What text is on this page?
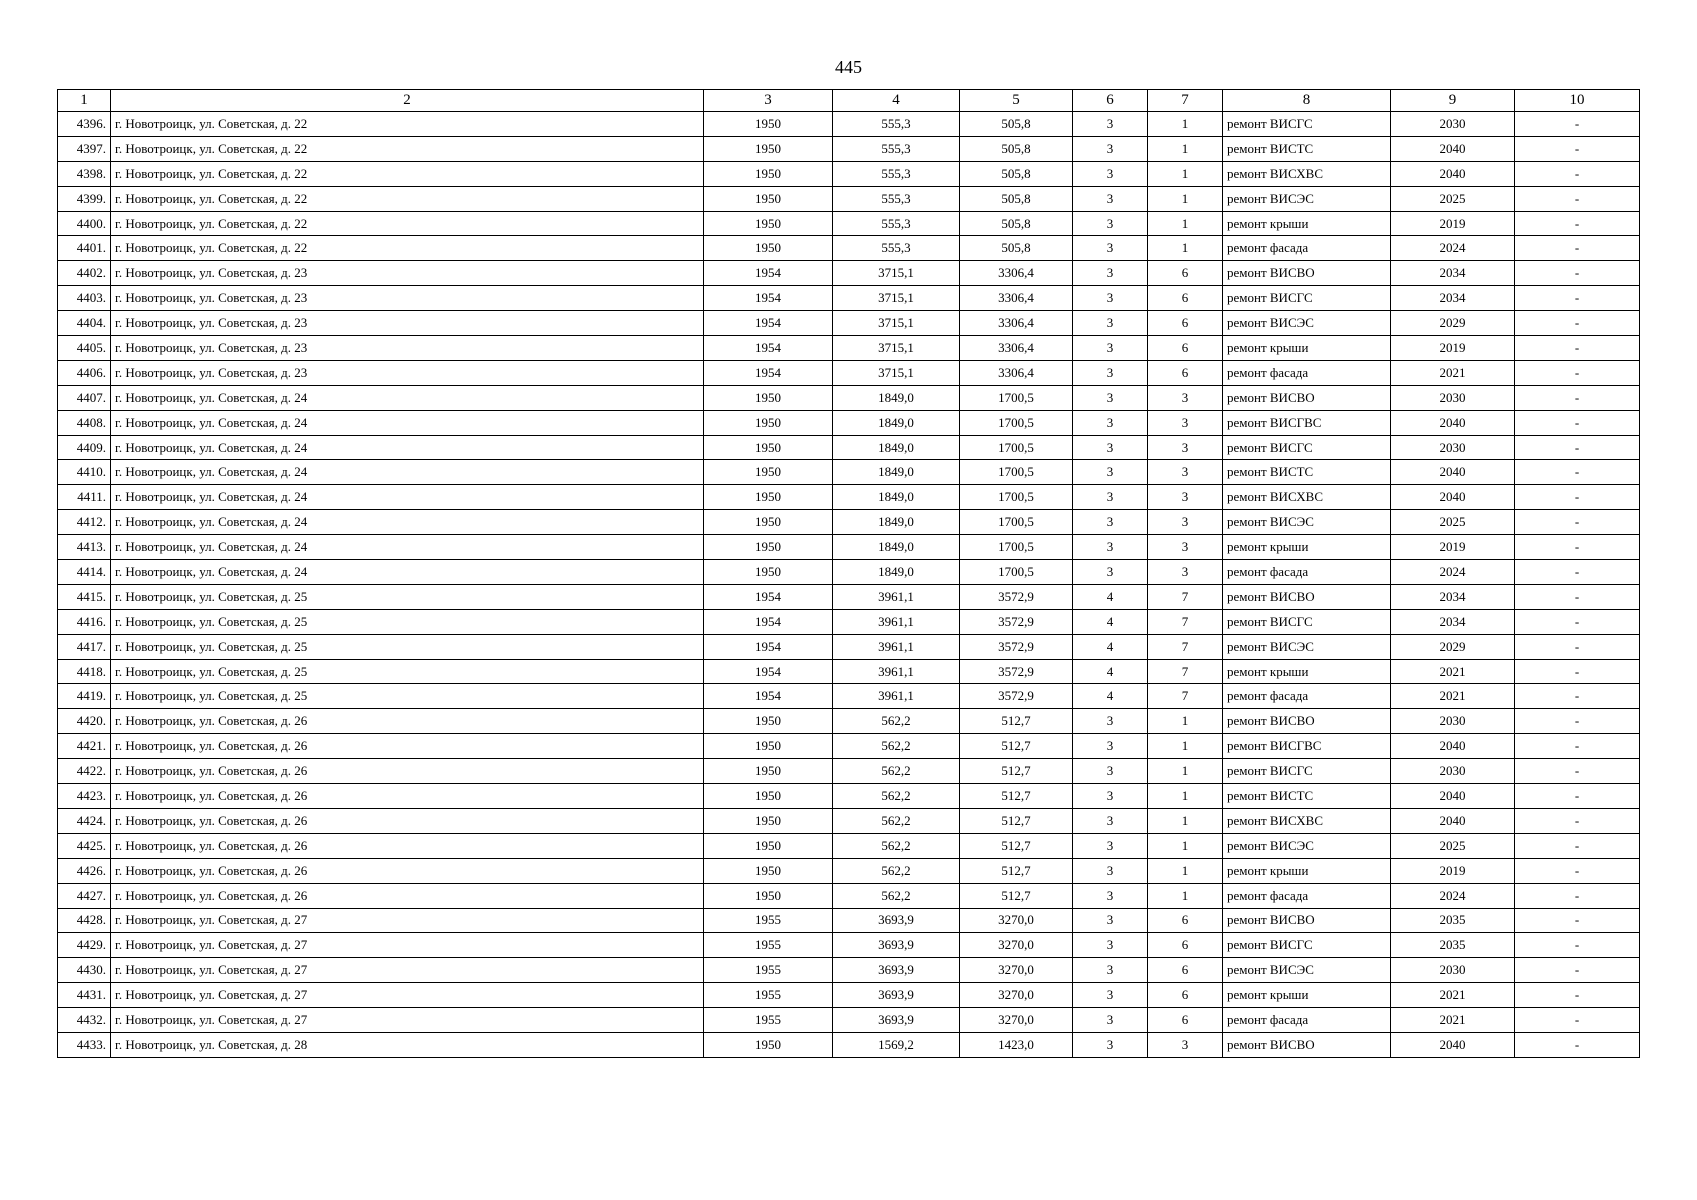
445
1	2	3	4	5	6	7	8	9	10
4396.	г. Новотроицк, ул. Советская, д. 22	1950	555,3	505,8	3	1	ремонт ВИСГС	2030	-
4397.	г. Новотроицк, ул. Советская, д. 22	1950	555,3	505,8	3	1	ремонт ВИСТС	2040	-
4398.	г. Новотроицк, ул. Советская, д. 22	1950	555,3	505,8	3	1	ремонт ВИСХВС	2040	-
4399.	г. Новотроицк, ул. Советская, д. 22	1950	555,3	505,8	3	1	ремонт ВИСЭС	2025	-
4400.	г. Новотроицк, ул. Советская, д. 22	1950	555,3	505,8	3	1	ремонт крыши	2019	-
4401.	г. Новотроицк, ул. Советская, д. 22	1950	555,3	505,8	3	1	ремонт фасада	2024	-
4402.	г. Новотроицк, ул. Советская, д. 23	1954	3715,1	3306,4	3	6	ремонт ВИСВО	2034	-
4403.	г. Новотроицк, ул. Советская, д. 23	1954	3715,1	3306,4	3	6	ремонт ВИСГС	2034	-
4404.	г. Новотроицк, ул. Советская, д. 23	1954	3715,1	3306,4	3	6	ремонт ВИСЭС	2029	-
4405.	г. Новотроицк, ул. Советская, д. 23	1954	3715,1	3306,4	3	6	ремонт крыши	2019	-
4406.	г. Новотроицк, ул. Советская, д. 23	1954	3715,1	3306,4	3	6	ремонт фасада	2021	-
4407.	г. Новотроицк, ул. Советская, д. 24	1950	1849,0	1700,5	3	3	ремонт ВИСВО	2030	-
4408.	г. Новотроицк, ул. Советская, д. 24	1950	1849,0	1700,5	3	3	ремонт ВИСГВС	2040	-
4409.	г. Новотроицк, ул. Советская, д. 24	1950	1849,0	1700,5	3	3	ремонт ВИСГС	2030	-
4410.	г. Новотроицк, ул. Советская, д. 24	1950	1849,0	1700,5	3	3	ремонт ВИСТС	2040	-
4411.	г. Новотроицк, ул. Советская, д. 24	1950	1849,0	1700,5	3	3	ремонт ВИСХВС	2040	-
4412.	г. Новотроицк, ул. Советская, д. 24	1950	1849,0	1700,5	3	3	ремонт ВИСЭС	2025	-
4413.	г. Новотроицк, ул. Советская, д. 24	1950	1849,0	1700,5	3	3	ремонт крыши	2019	-
4414.	г. Новотроицк, ул. Советская, д. 24	1950	1849,0	1700,5	3	3	ремонт фасада	2024	-
4415.	г. Новотроицк, ул. Советская, д. 25	1954	3961,1	3572,9	4	7	ремонт ВИСВО	2034	-
4416.	г. Новотроицк, ул. Советская, д. 25	1954	3961,1	3572,9	4	7	ремонт ВИСГС	2034	-
4417.	г. Новотроицк, ул. Советская, д. 25	1954	3961,1	3572,9	4	7	ремонт ВИСЭС	2029	-
4418.	г. Новотроицк, ул. Советская, д. 25	1954	3961,1	3572,9	4	7	ремонт крыши	2021	-
4419.	г. Новотроицк, ул. Советская, д. 25	1954	3961,1	3572,9	4	7	ремонт фасада	2021	-
4420.	г. Новотроицк, ул. Советская, д. 26	1950	562,2	512,7	3	1	ремонт ВИСВО	2030	-
4421.	г. Новотроицк, ул. Советская, д. 26	1950	562,2	512,7	3	1	ремонт ВИСГВС	2040	-
4422.	г. Новотроицк, ул. Советская, д. 26	1950	562,2	512,7	3	1	ремонт ВИСГС	2030	-
4423.	г. Новотроицк, ул. Советская, д. 26	1950	562,2	512,7	3	1	ремонт ВИСТС	2040	-
4424.	г. Новотроицк, ул. Советская, д. 26	1950	562,2	512,7	3	1	ремонт ВИСХВС	2040	-
4425.	г. Новотроицк, ул. Советская, д. 26	1950	562,2	512,7	3	1	ремонт ВИСЭС	2025	-
4426.	г. Новотроицк, ул. Советская, д. 26	1950	562,2	512,7	3	1	ремонт крыши	2019	-
4427.	г. Новотроицк, ул. Советская, д. 26	1950	562,2	512,7	3	1	ремонт фасада	2024	-
4428.	г. Новотроицк, ул. Советская, д. 27	1955	3693,9	3270,0	3	6	ремонт ВИСВО	2035	-
4429.	г. Новотроицк, ул. Советская, д. 27	1955	3693,9	3270,0	3	6	ремонт ВИСГС	2035	-
4430.	г. Новотроицк, ул. Советская, д. 27	1955	3693,9	3270,0	3	6	ремонт ВИСЭС	2030	-
4431.	г. Новотроицк, ул. Советская, д. 27	1955	3693,9	3270,0	3	6	ремонт крыши	2021	-
4432.	г. Новотроицк, ул. Советская, д. 27	1955	3693,9	3270,0	3	6	ремонт фасада	2021	-
4433.	г. Новотроицк, ул. Советская, д. 28	1950	1569,2	1423,0	3	3	ремонт ВИСВО	2040	-
